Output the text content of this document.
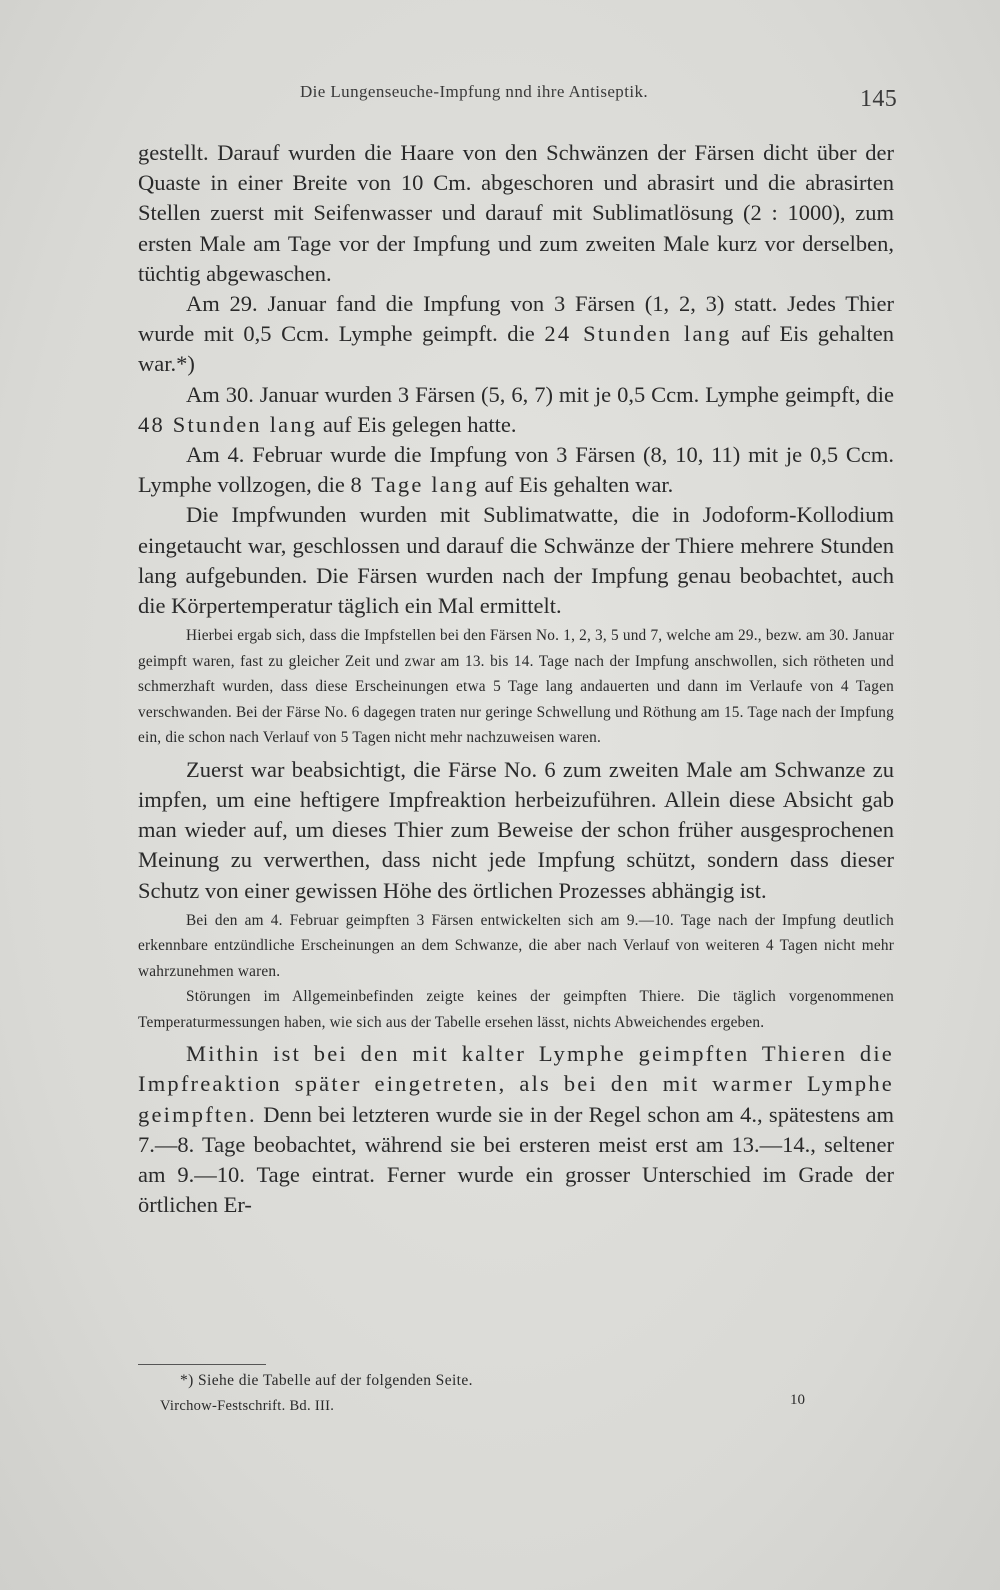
Die Lungenseuche-Impfung nnd ihre Antiseptik.	145

gestellt. Darauf wurden die Haare von den Schwänzen der Färsen dicht über der Quaste in einer Breite von 10 Cm. abgeschoren und abrasirt und die abrasirten Stellen zuerst mit Seifenwasser und darauf mit Sublimatlösung (2 : 1000), zum ersten Male am Tage vor der Impfung und zum zweiten Male kurz vor derselben, tüchtig abgewaschen.

Am 29. Januar fand die Impfung von 3 Färsen (1, 2, 3) statt. Jedes Thier wurde mit 0,5 Ccm. Lymphe geimpft. die 24 Stunden lang auf Eis gehalten war.*)

Am 30. Januar wurden 3 Färsen (5, 6, 7) mit je 0,5 Ccm. Lymphe geimpft, die 48 Stunden lang auf Eis gelegen hatte.

Am 4. Februar wurde die Impfung von 3 Färsen (8, 10, 11) mit je 0,5 Ccm. Lymphe vollzogen, die 8 Tage lang auf Eis gehalten war.

Die Impfwunden wurden mit Sublimatwatte, die in Jodoform-Kollodium eingetaucht war, geschlossen und darauf die Schwänze der Thiere mehrere Stunden lang aufgebunden. Die Färsen wurden nach der Impfung genau beobachtet, auch die Körpertemperatur täglich ein Mal ermittelt.

Hierbei ergab sich, dass die Impfstellen bei den Färsen No. 1, 2, 3, 5 und 7, welche am 29., bezw. am 30. Januar geimpft waren, fast zu gleicher Zeit und zwar am 13. bis 14. Tage nach der Impfung anschwollen, sich rötheten und schmerzhaft wurden, dass diese Erscheinungen etwa 5 Tage lang andauerten und dann im Verlaufe von 4 Tagen verschwanden. Bei der Färse No. 6 dagegen traten nur geringe Schwellung und Röthung am 15. Tage nach der Impfung ein, die schon nach Verlauf von 5 Tagen nicht mehr nachzuweisen waren.

Zuerst war beabsichtigt, die Färse No. 6 zum zweiten Male am Schwanze zu impfen, um eine heftigere Impfreaktion herbeizuführen. Allein diese Absicht gab man wieder auf, um dieses Thier zum Beweise der schon früher ausgesprochenen Meinung zu verwerthen, dass nicht jede Impfung schützt, sondern dass dieser Schutz von einer gewissen Höhe des örtlichen Prozesses abhängig ist.

Bei den am 4. Februar geimpften 3 Färsen entwickelten sich am 9.—10. Tage nach der Impfung deutlich erkennbare entzündliche Erscheinungen an dem Schwanze, die aber nach Verlauf von weiteren 4 Tagen nicht mehr wahrzunehmen waren.

Störungen im Allgemeinbefinden zeigte keines der geimpften Thiere. Die täglich vorgenommenen Temperaturmessungen haben, wie sich aus der Tabelle ersehen lässt, nichts Abweichendes ergeben.

Mithin ist bei den mit kalter Lymphe geimpften Thieren die Impfreaktion später eingetreten, als bei den mit warmer Lymphe geimpften. Denn bei letzteren wurde sie in der Regel schon am 4., spätestens am 7.—8. Tage beobachtet, während sie bei ersteren meist erst am 13.—14., seltener am 9.—10. Tage eintrat. Ferner wurde ein grosser Unterschied im Grade der örtlichen Er-

*) Siehe die Tabelle auf der folgenden Seite.
Virchow-Festschrift. Bd. III.	10
